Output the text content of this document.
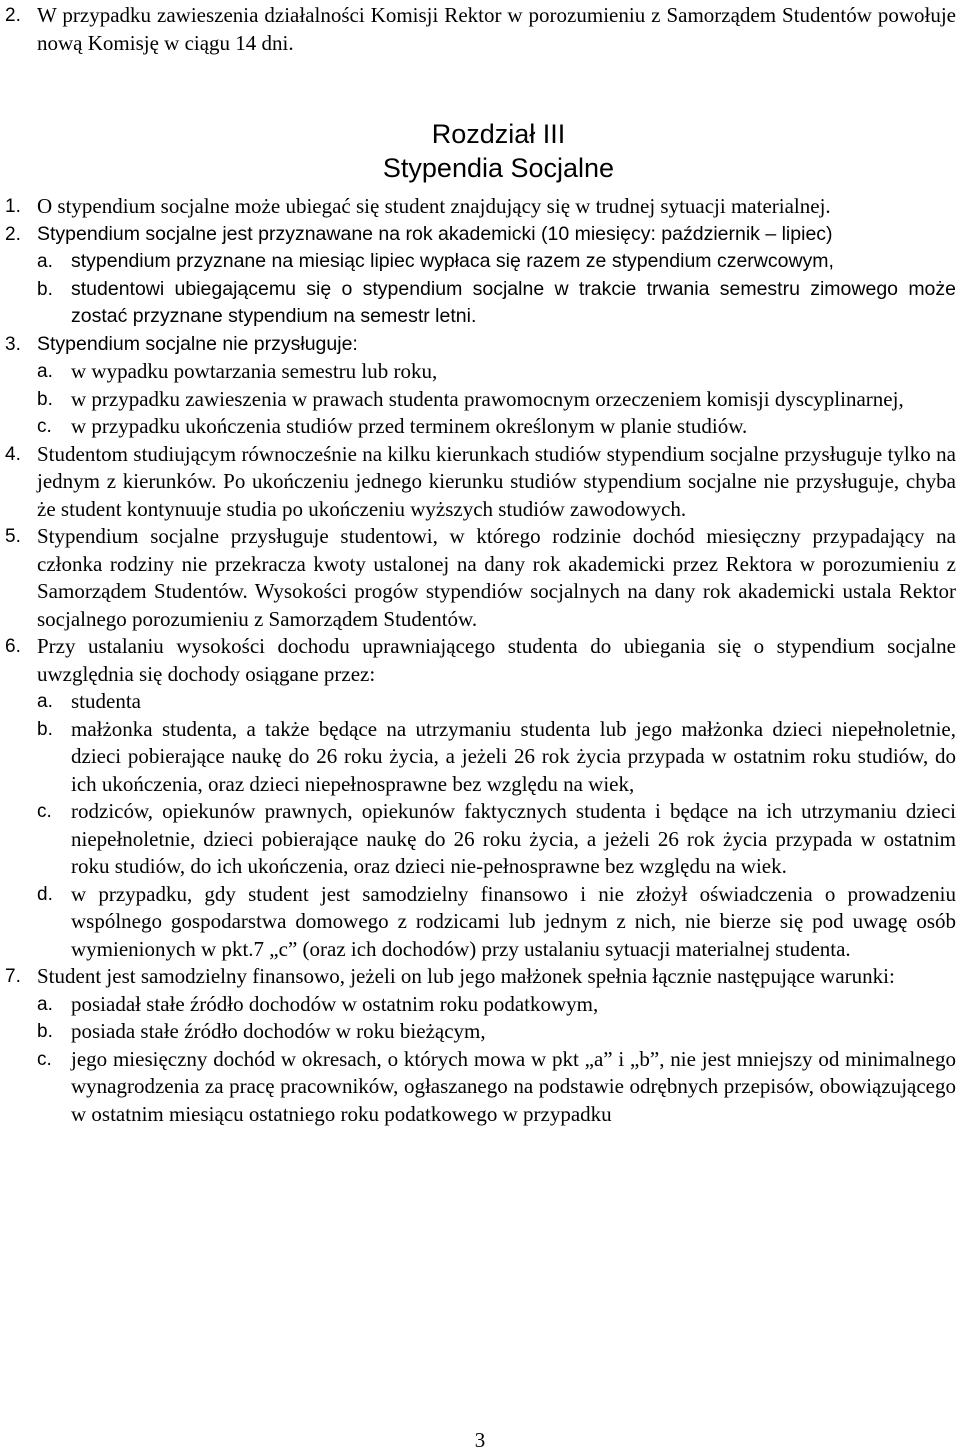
2. W przypadku zawieszenia działalności Komisji Rektor w porozumieniu z Samorządem Studentów powołuje nową Komisję w ciągu 14 dni.
Rozdział III
Stypendia Socjalne
1. O stypendium socjalne może ubiegać się student znajdujący się w trudnej sytuacji materialnej.
2. Stypendium socjalne jest przyznawane na rok akademicki (10 miesięcy: październik – lipiec)
a. stypendium przyznane na miesiąc lipiec wypłaca się razem ze stypendium czerwcowym,
b. studentowi ubiegającemu się o stypendium socjalne w trakcie trwania semestru zimowego może zostać przyznane stypendium na semestr letni.
3. Stypendium socjalne nie przysługuje:
a. w wypadku powtarzania semestru lub roku,
b. w przypadku zawieszenia w prawach studenta prawomocnym orzeczeniem komisji dyscyplinarnej,
c. w przypadku ukończenia studiów przed terminem określonym w planie studiów.
4. Studentom studiującym równocześnie na kilku kierunkach studiów stypendium socjalne przysługuje tylko na jednym z kierunków. Po ukończeniu jednego kierunku studiów stypendium socjalne nie przysługuje, chyba że student kontynuuje studia po ukończeniu wyższych studiów zawodowych.
5. Stypendium socjalne przysługuje studentowi, w którego rodzinie dochód miesięczny przypadający na członka rodziny nie przekracza kwoty ustalonej na dany rok akademicki przez Rektora w porozumieniu z Samorządem Studentów. Wysokości progów stypendiów socjalnych na dany rok akademicki ustala Rektor socjalnego porozumieniu z Samorządem Studentów.
6. Przy ustalaniu wysokości dochodu uprawniającego studenta do ubiegania się o stypendium socjalne uwzględnia się dochody osiągane przez:
a. studenta
b. małżonka studenta, a także będące na utrzymaniu studenta lub jego małżonka dzieci niepełnoletnie, dzieci pobierające naukę do 26 roku życia, a jeżeli 26 rok życia przypada w ostatnim roku studiów, do ich ukończenia, oraz dzieci niepełnosprawne bez względu na wiek,
c. rodziców, opiekunów prawnych, opiekunów faktycznych studenta i będące na ich utrzymaniu dzieci niepełnoletnie, dzieci pobierające naukę do 26 roku życia, a jeżeli 26 rok życia przypada w ostatnim roku studiów, do ich ukończenia, oraz dzieci nie-pełnosprawne bez względu na wiek.
d. w przypadku, gdy student jest samodzielny finansowo i nie złożył oświadczenia o prowadzeniu wspólnego gospodarstwa domowego z rodzicami lub jednym z nich, nie bierze się pod uwagę osób wymienionych w pkt.7 „c” (oraz ich dochodów) przy ustalaniu sytuacji materialnej studenta.
7. Student jest samodzielny finansowo, jeżeli on lub jego małżonek spełnia łącznie następujące warunki:
a. posiadał stałe źródło dochodów w ostatnim roku podatkowym,
b. posiada stałe źródło dochodów w roku bieżącym,
c. jego miesięczny dochód w okresach, o których mowa w pkt „a” i „b”, nie jest mniejszy od minimalnego wynagrodzenia za pracę pracowników, ogłaszanego na podstawie odrębnych przepisów, obowiązującego w ostatnim miesiącu ostatniego roku podatkowego w przypadku
3
